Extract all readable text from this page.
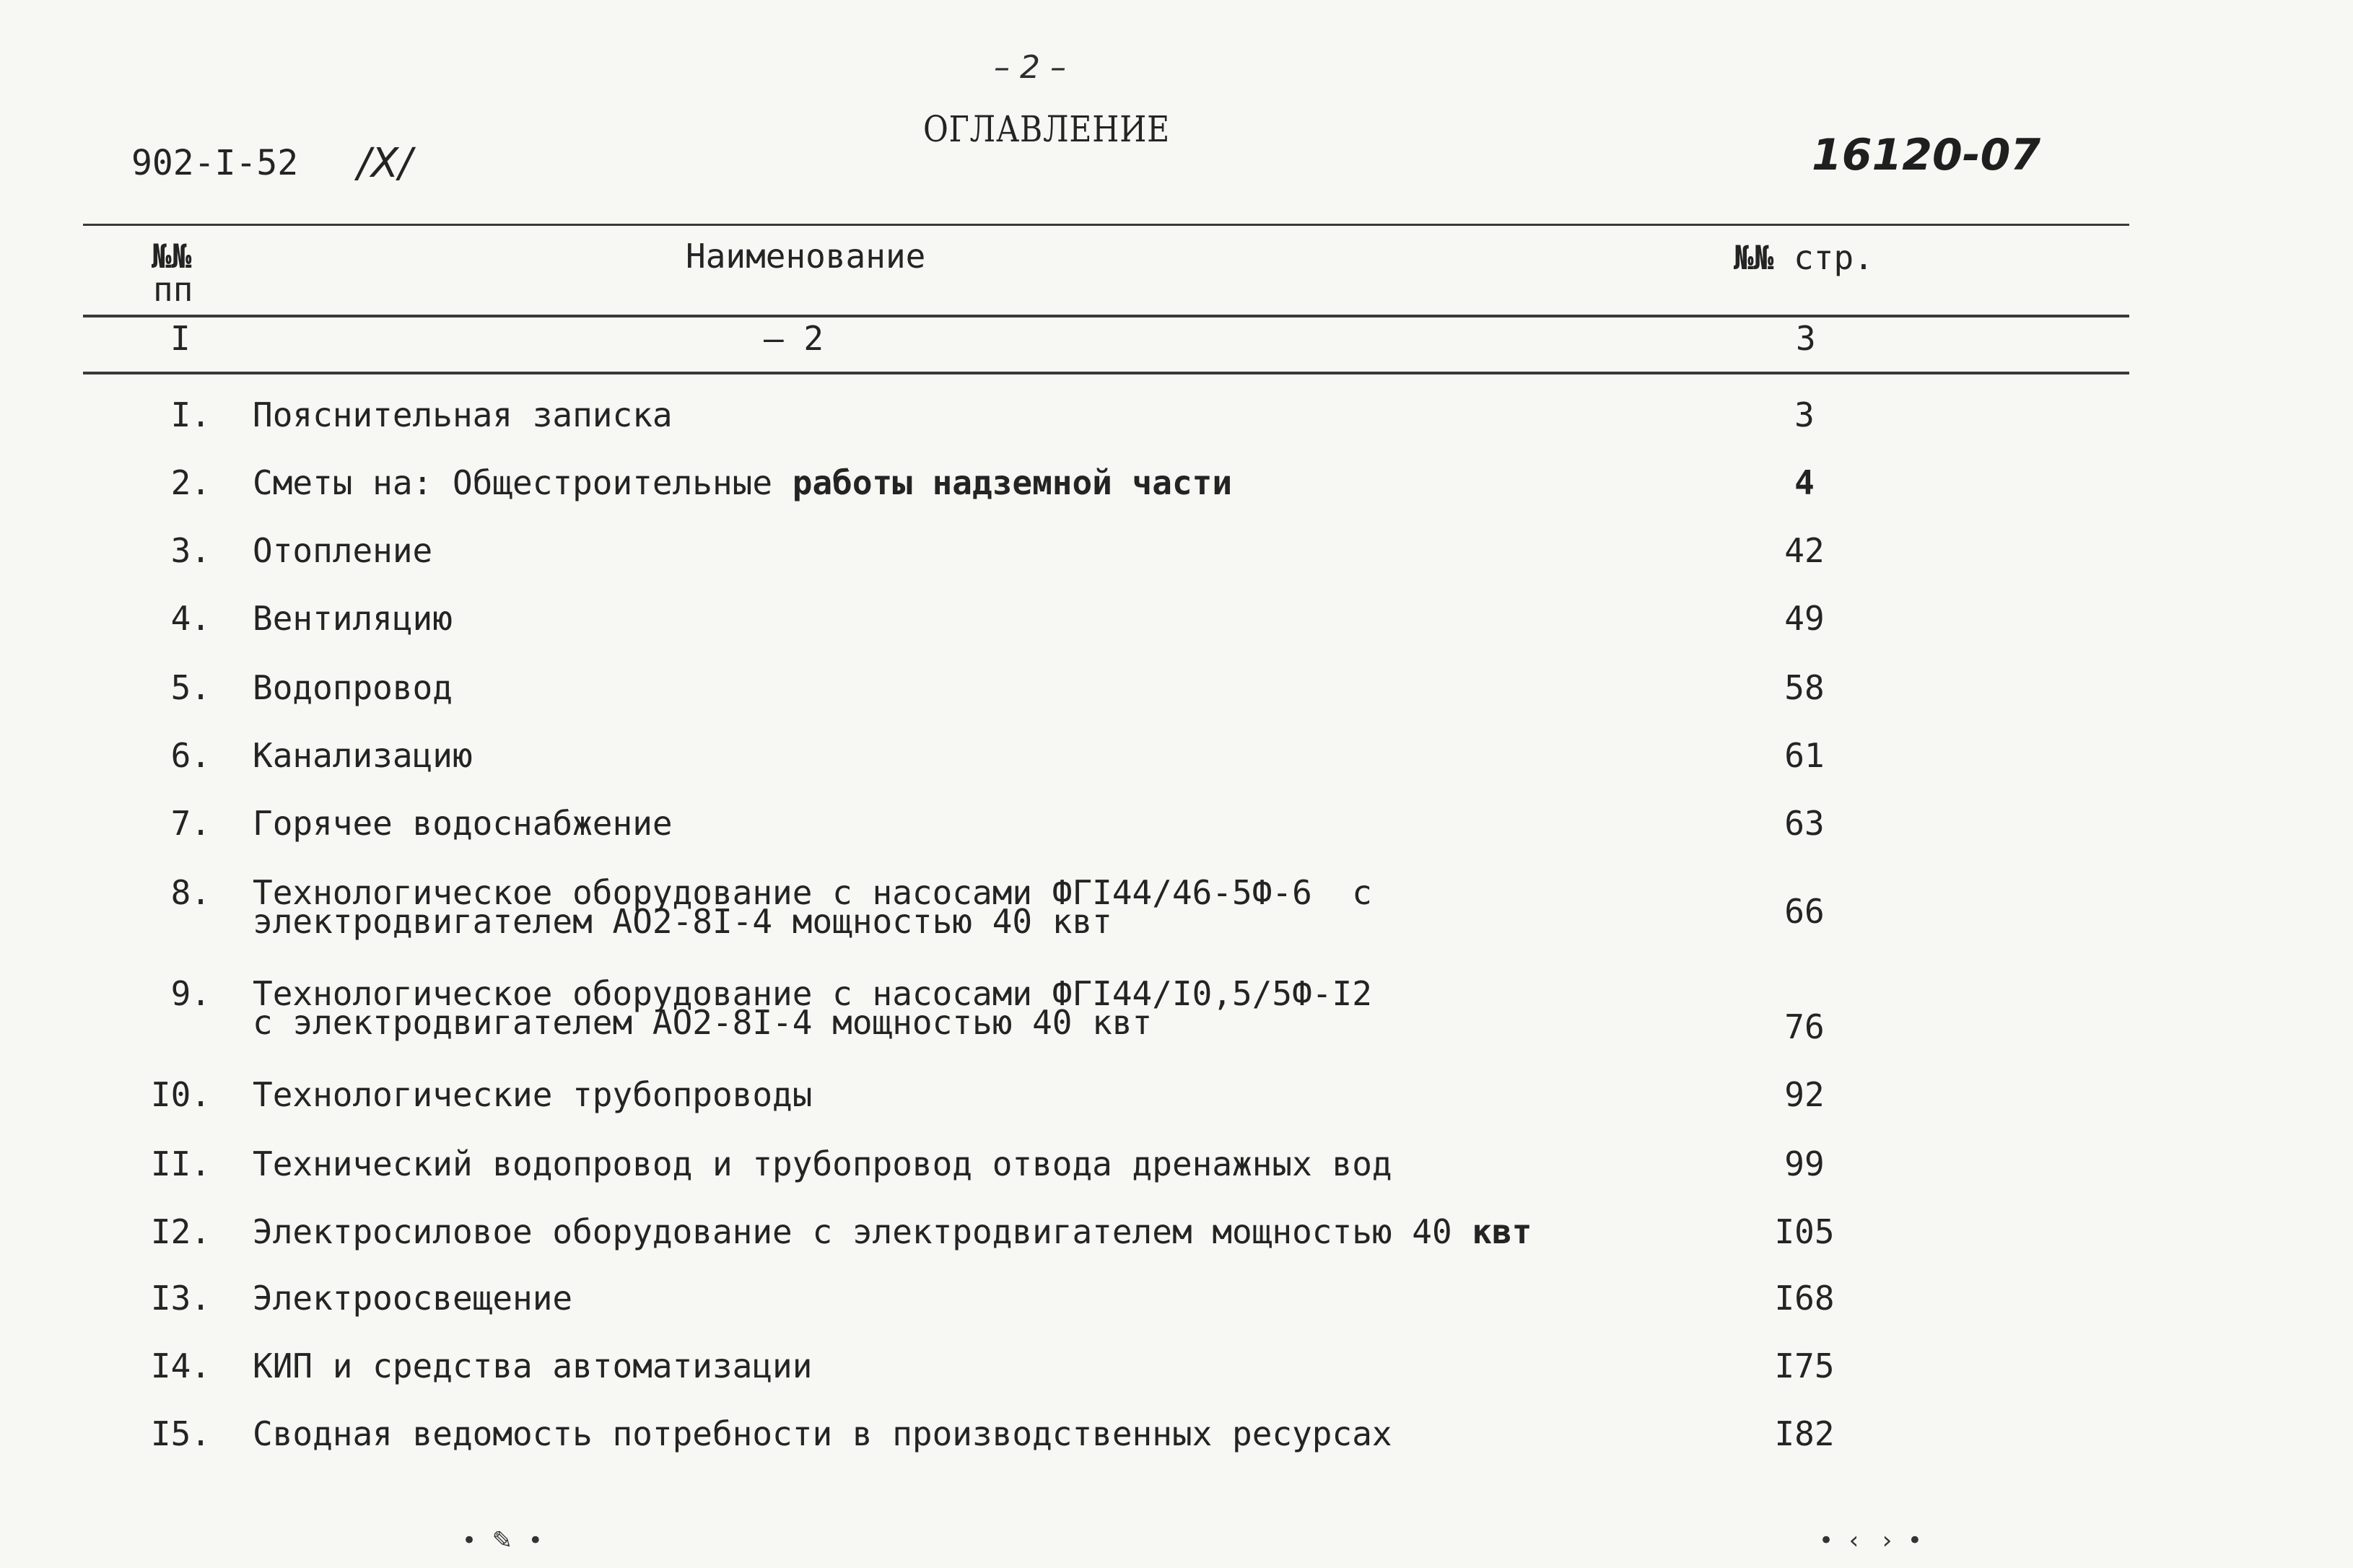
– 2 –
ОГЛАВЛЕНИЕ
902-I-52 /X/	16120-07
№№
пп
Наименование	№№ стр.
I	– 2	3
I. Пояснительная записка	3
2. Сметы на: Общестроительные работы надземной части	4
3. Отопление	42
4. Вентиляцию	49
5. Водопровод	58
6. Канализацию	61
7. Горячее водоснабжение	63
8. Технологическое оборудование с насосами ФГI44/46-5Ф-6  с
электродвигателем АО2-8I-4 мощностью 40 квт	66
9. Технологическое оборудование с насосами ФГI44/I0,5/5Ф-I2
с электродвигателем АО2-8I-4 мощностью 40 квт	76
I0. Технологические трубопроводы	92
II. Технический водопровод и трубопровод отвода дренажных вод	99
I2. Электросиловое оборудование с электродвигателем мощностью 40 квт	I05
I3. Электроосвещение	I68
I4. КИП и средства автоматизации	I75
I5. Сводная ведомость потребности в производственных ресурсах	I82
•  ✎  •	•  ‹   ›  •
